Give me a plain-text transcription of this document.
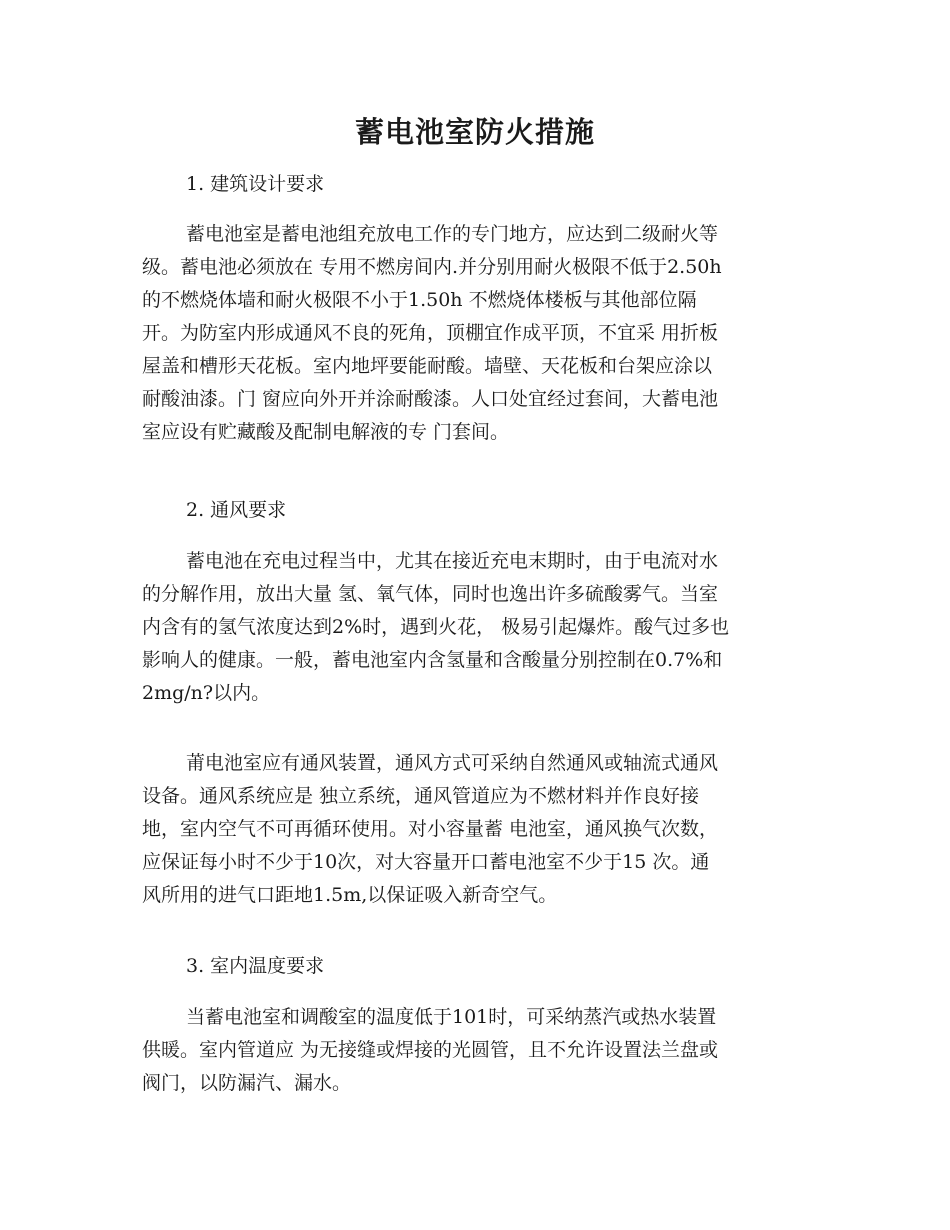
蓄电池室防火措施

1. 建筑设计要求

蓄电池室是蓄电池组充放电工作的专门地方，应达到二级耐火等
级。蓄电池必须放在 专用不燃房间内.并分别用耐火极限不低于2.50h
的不燃烧体墙和耐火极限不小于1.50h 不燃烧体楼板与其他部位隔
开。为防室内形成通风不良的死角，顶棚宜作成平顶，不宜采 用折板
屋盖和槽形天花板。室内地坪要能耐酸。墙壁、天花板和台架应涂以
耐酸油漆。门 窗应向外开并涂耐酸漆。人口处宜经过套间，大蓄电池
室应设有贮藏酸及配制电解液的专 门套间。

2. 通风要求

蓄电池在充电过程当中，尤其在接近充电末期时，由于电流对水
的分解作用，放出大量 氢、氧气体，同时也逸出许多硫酸雾气。当室
内含有的氢气浓度达到2%时，遇到火花， 极易引起爆炸。酸气过多也
影响人的健康。一般，蓄电池室内含氢量和含酸量分别控制在0.7%和
2mg/n?以内。
莆电池室应有通风装置，通风方式可采纳自然通风或轴流式通风
设备。通风系统应是 独立系统，通风管道应为不燃材料并作良好接
地，室内空气不可再循环使用。对小容量蓄 电池室，通风换气次数，
应保证每小时不少于10次，对大容量开口蓄电池室不少于15 次。通
风所用的进气口距地1.5m,以保证吸入新奇空气。

3. 室内温度要求

当蓄电池室和调酸室的温度低于101时，可采纳蒸汽或热水装置
供暖。室内管道应 为无接缝或焊接的光圆管，且不允许设置法兰盘或
阀门，以防漏汽、漏水。
